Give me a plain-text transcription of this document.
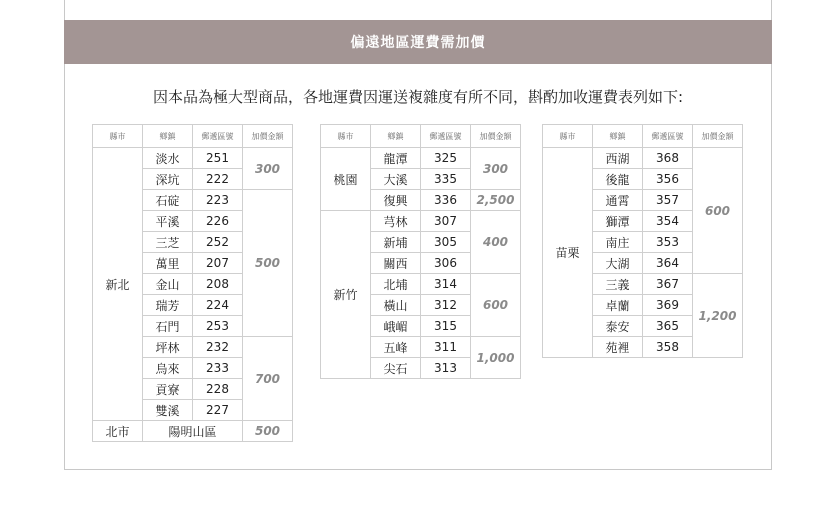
偏遠地區運費需加價
因本品為極大型商品，各地運費因運送複雜度有所不同，斟酌加收運費表列如下:
縣市	鄉鎮	郵遞區號	加價金額
新北	淡水	251	300
	深坑	222	
	石碇	223	500
	平溪	226	
	三芝	252	
	萬里	207	
	金山	208	
	瑞芳	224	
	石門	253	
	坪林	232	700
	烏來	233	
	貢寮	228	
	雙溪	227	
北市	陽明山區		500
縣市	鄉鎮	郵遞區號	加價金額
桃園	龍潭	325	300
	大溪	335	
	復興	336	2,500
新竹	芎林	307	400
	新埔	305	
	關西	306	
	北埔	314	600
	橫山	312	
	峨嵋	315	
	五峰	311	1,000
	尖石	313	
縣市	鄉鎮	郵遞區號	加價金額
苗栗	西湖	368	600
	後龍	356	
	通霄	357	
	獅潭	354	
	南庄	353	
	大湖	364	
	三義	367	1,200
	卓蘭	369	
	泰安	365	
	苑裡	358	
